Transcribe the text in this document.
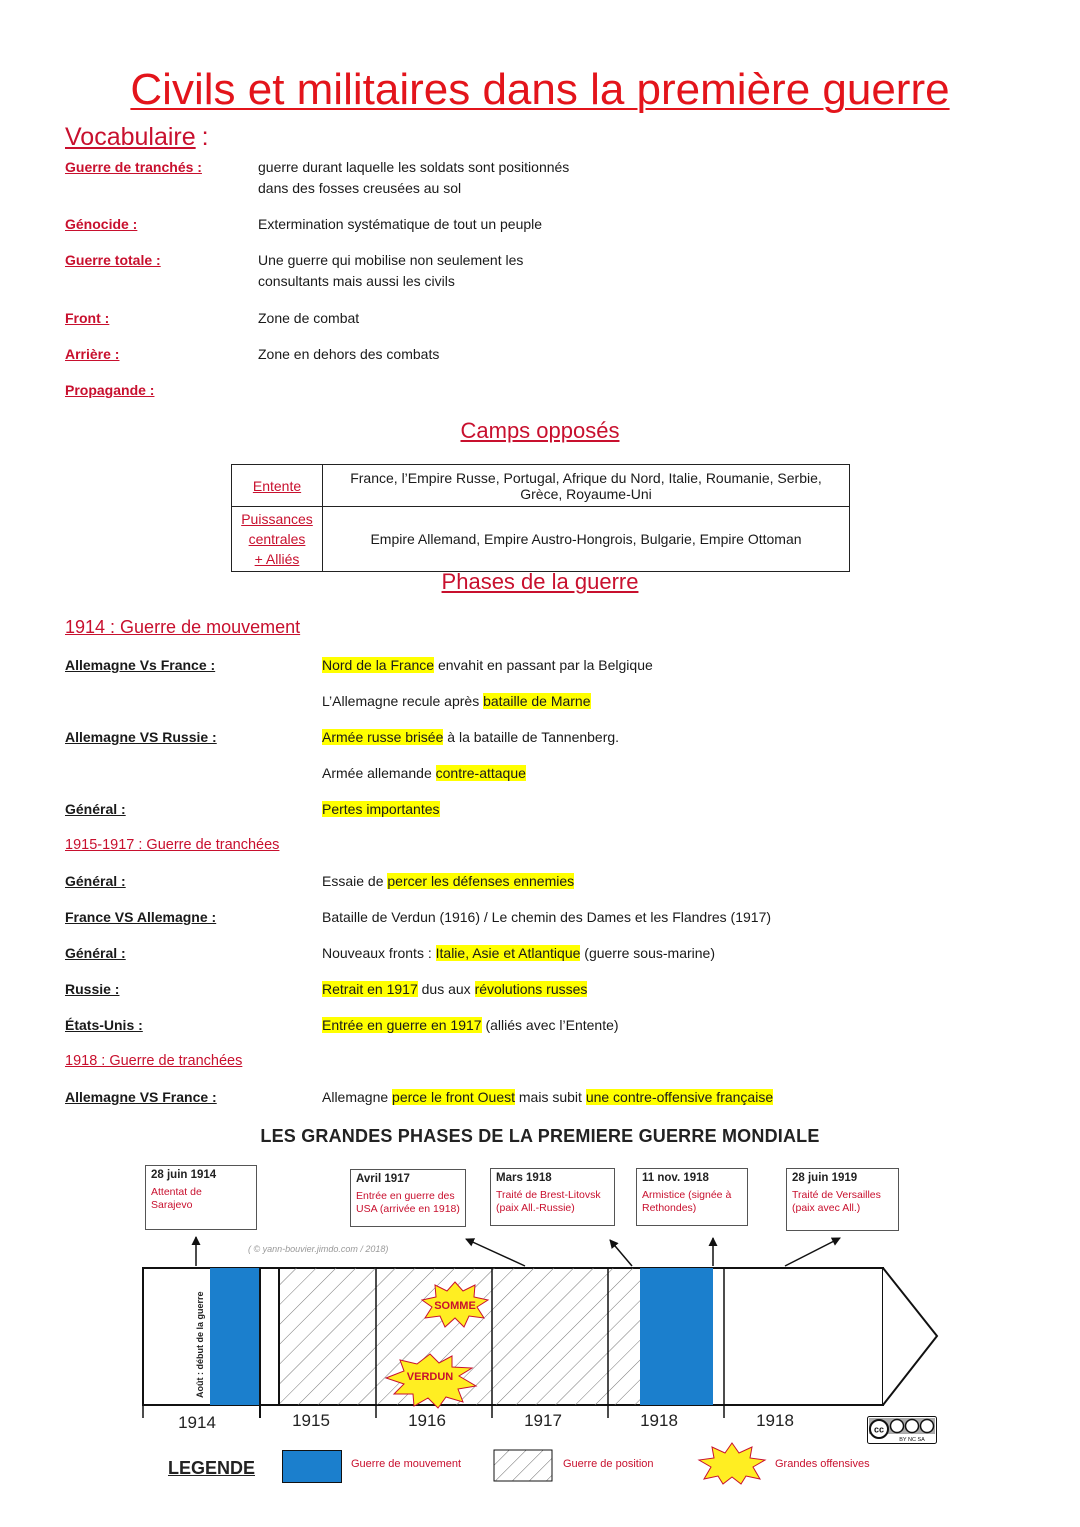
Civils et militaires dans la première guerre
Vocabulaire :
Guerre de tranchés :	guerre durant laquelle les soldats sont positionnés
dans des fosses creusées au sol
Génocide :	Extermination systématique de tout un peuple
Guerre totale :	Une guerre qui mobilise non seulement les
consultants mais aussi les civils
Front :	Zone de combat
Arrière :	Zone en dehors des combats
Propagande :
Camps opposés
Entente	France, l’Empire Russe, Portugal, Afrique du Nord, Italie, Roumanie, Serbie,
Grèce, Royaume-Uni

Puissances
centrales
+ Alliés	Empire Allemand, Empire Austro-Hongrois, Bulgarie, Empire Ottoman
Phases de la guerre
1914 : Guerre de mouvement
Allemagne Vs France :	Nord de la France envahit en passant par la Belgique
L’Allemagne recule après bataille de Marne
Allemagne VS Russie :	Armée russe brisée à la bataille de Tannenberg.
Armée allemande contre-attaque
Général :	Pertes importantes
1915-1917 : Guerre de tranchées
Général :	Essaie de percer les défenses ennemies
France VS Allemagne :	Bataille de Verdun (1916) / Le chemin des Dames et les Flandres (1917)
Général :	Nouveaux fronts : Italie, Asie et Atlantique (guerre sous-marine)
Russie :	Retrait en 1917 dus aux révolutions russes
États-Unis :	Entrée en guerre en 1917 (alliés avec l’Entente)
1918 : Guerre de tranchées
Allemagne VS France :	Allemagne perce le front Ouest mais subit une contre-offensive française
LES GRANDES PHASES DE LA PREMIERE GUERRE MONDIALE
28 juin 1914
Attentat de
Sarajevo
Avril 1917
Entrée en guerre des
USA (arrivée en 1918)
Mars 1918
Traité de Brest-Litovsk
(paix All.-Russie)
11 nov. 1918
Armistice (signée à
Rethondes)
28 juin 1919
Traité de Versailles
(paix avec All.)
( © yann-bouvier.jimdo.com / 2018)
SOMME
VERDUN
Août : début de la guerre
1914	1915	1916	1917	1918	1918	cc
BY NC SA
LEGENDE	Guerre de mouvement	Guerre de position	Grandes offensives
